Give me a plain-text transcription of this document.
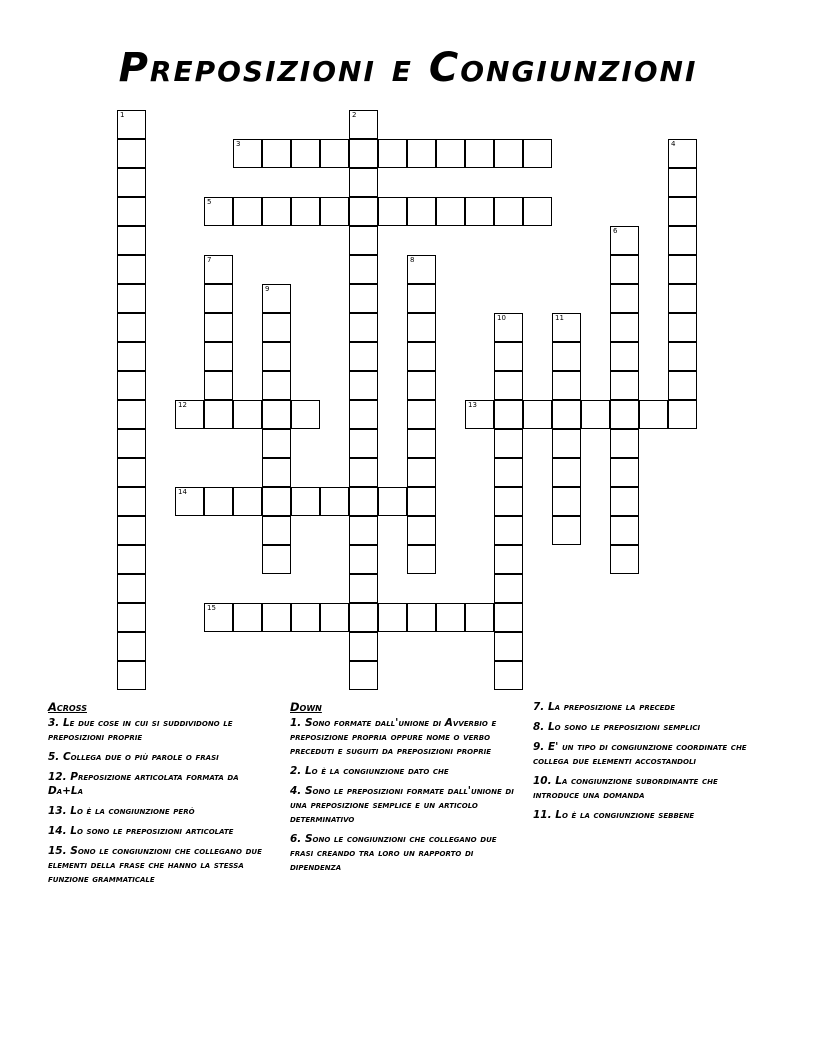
Preposizioni e Congiunzioni
1	2
3	4
5
6
7	8
9
10	11
12	13
14
15
Across
3. Le due cose in cui si suddividono le preposizioni proprie
5. Collega due o più parole o frasi
12. Preposizione articolata formata da Da+La
13. Lo è la congiunzione però
14. Lo sono le preposizioni articolate
15. Sono le congiunzioni che collegano due elementi della frase che hanno la stessa funzione grammaticale
Down
1. Sono formate dall'unione di Avverbio e preposizione propria oppure nome o verbo preceduti e suguiti da preposizioni proprie
2. Lo è la congiunzione dato che
4. Sono le preposizioni formate dall'unione di una preposizione semplice e un articolo determinativo
6. Sono le congiunzioni che collegano due frasi creando tra loro un rapporto di dipendenza
7. La preposizione la precede
8. Lo sono le preposizioni semplici
9. E' un tipo di congiunzione coordinate che collega due elementi accostandoli
10. La congiunzione subordinante che introduce una domanda
11. Lo è la congiunzione sebbene
